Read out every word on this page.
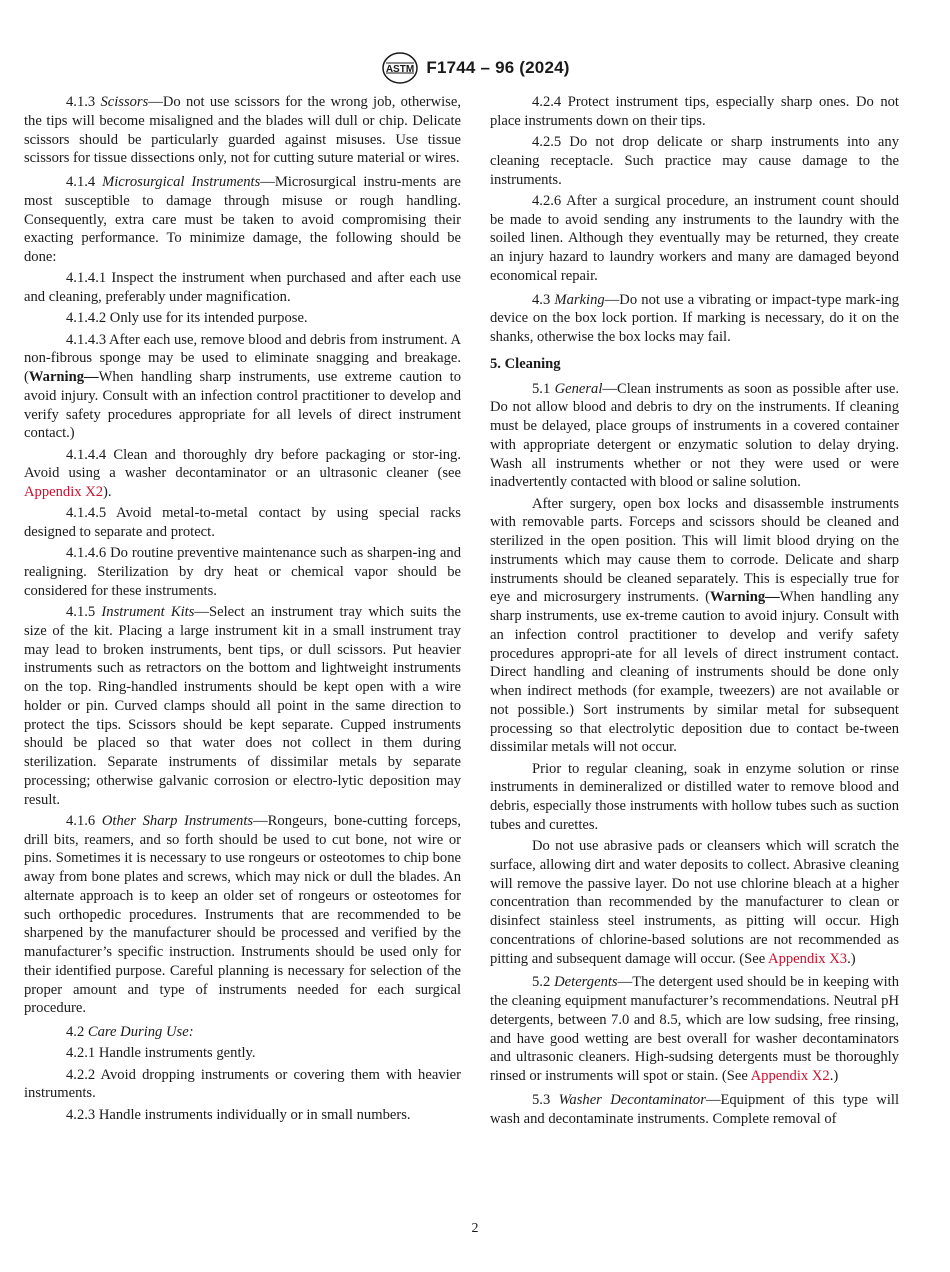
ASTM F1744 – 96 (2024)

4.1.3 Scissors—Do not use scissors for the wrong job, otherwise, the tips will become misaligned and the blades will dull or chip. Delicate scissors should be particularly guarded against misuses. Use tissue scissors for tissue dissections only, not for cutting suture material or wires.

4.1.4 Microsurgical Instruments—Microsurgical instru-ments are most susceptible to damage through misuse or rough handling. Consequently, extra care must be taken to avoid compromising their exacting performance. To minimize damage, the following should be done:

4.1.4.1 Inspect the instrument when purchased and after each use and cleaning, preferably under magnification.

4.1.4.2 Only use for its intended purpose.

4.1.4.3 After each use, remove blood and debris from instrument. A non-fibrous sponge may be used to eliminate snagging and breakage. (Warning—When handling sharp instruments, use extreme caution to avoid injury. Consult with an infection control practitioner to develop and verify safety procedures appropriate for all levels of direct instrument contact.)

4.1.4.4 Clean and thoroughly dry before packaging or stor-ing. Avoid using a washer decontaminator or an ultrasonic cleaner (see Appendix X2).

4.1.4.5 Avoid metal-to-metal contact by using special racks designed to separate and protect.

4.1.4.6 Do routine preventive maintenance such as sharpen-ing and realigning. Sterilization by dry heat or chemical vapor should be considered for these instruments.

4.1.5 Instrument Kits—Select an instrument tray which suits the size of the kit. Placing a large instrument kit in a small instrument tray may lead to broken instruments, bent tips, or dull scissors. Put heavier instruments such as retractors on the bottom and lightweight instruments on the top. Ring-handled instruments should be kept open with a wire holder or pin. Curved clamps should all point in the same direction to protect the tips. Scissors should be kept separate. Cupped instruments should be placed so that water does not collect in them during sterilization. Separate instruments of dissimilar metals by separate processing; otherwise galvanic corrosion or electro-lytic deposition may result.

4.1.6 Other Sharp Instruments—Rongeurs, bone-cutting forceps, drill bits, reamers, and so forth should be used to cut bone, not wire or pins. Sometimes it is necessary to use rongeurs or osteotomes to chip bone away from bone plates and screws, which may nick or dull the blades. An alternate approach is to keep an older set of rongeurs or osteotomes for such orthopedic procedures. Instruments that are recommended to be sharpened by the manufacturer should be processed and verified by the manufacturer’s specific instruction. Instruments should be used only for their identified purpose. Careful planning is necessary for selection of the proper amount and type of instruments needed for each surgical procedure.

4.2 Care During Use:

4.2.1 Handle instruments gently.

4.2.2 Avoid dropping instruments or covering them with heavier instruments.

4.2.3 Handle instruments individually or in small numbers.

4.2.4 Protect instrument tips, especially sharp ones. Do not place instruments down on their tips.

4.2.5 Do not drop delicate or sharp instruments into any cleaning receptacle. Such practice may cause damage to the instruments.

4.2.6 After a surgical procedure, an instrument count should be made to avoid sending any instruments to the laundry with the soiled linen. Although they eventually may be returned, they create an injury hazard to laundry workers and many are damaged beyond economical repair.

4.3 Marking—Do not use a vibrating or impact-type mark-ing device on the box lock portion. If marking is necessary, do it on the shanks, otherwise the box locks may fail.

5. Cleaning

5.1 General—Clean instruments as soon as possible after use. Do not allow blood and debris to dry on the instruments. If cleaning must be delayed, place groups of instruments in a covered container with appropriate detergent or enzymatic solution to delay drying. Wash all instruments whether or not they were used or were inadvertently contacted with blood or saline solution.

After surgery, open box locks and disassemble instruments with removable parts. Forceps and scissors should be cleaned and sterilized in the open position. This will limit blood drying on the instruments which may cause them to corrode. Delicate and sharp instruments should be cleaned separately. This is especially true for eye and microsurgery instruments. (Warning—When handling any sharp instruments, use ex-treme caution to avoid injury. Consult with an infection control practitioner to develop and verify safety procedures appropri-ate for all levels of direct instrument contact. Direct handling and cleaning of instruments should be done only when indirect methods (for example, tweezers) are not available or not possible.) Sort instruments by similar metal for subsequent processing so that electrolytic deposition due to contact be-tween dissimilar metals will not occur.

Prior to regular cleaning, soak in enzyme solution or rinse instruments in demineralized or distilled water to remove blood and debris, especially those instruments with hollow tubes such as suction tubes and curettes.

Do not use abrasive pads or cleansers which will scratch the surface, allowing dirt and water deposits to collect. Abrasive cleaning will remove the passive layer. Do not use chlorine bleach at a higher concentration than recommended by the manufacturer to clean or disinfect stainless steel instruments, as pitting will occur. High concentrations of chlorine-based solutions are not recommended as pitting and subsequent damage will occur. (See Appendix X3.)

5.2 Detergents—The detergent used should be in keeping with the cleaning equipment manufacturer’s recommendations. Neutral pH detergents, between 7.0 and 8.5, which are low sudsing, free rinsing, and have good wetting are best overall for washer decontaminators and ultrasonic cleaners. High-sudsing detergents must be thoroughly rinsed or instruments will spot or stain. (See Appendix X2.)

5.3 Washer Decontaminator—Equipment of this type will wash and decontaminate instruments. Complete removal of

2
